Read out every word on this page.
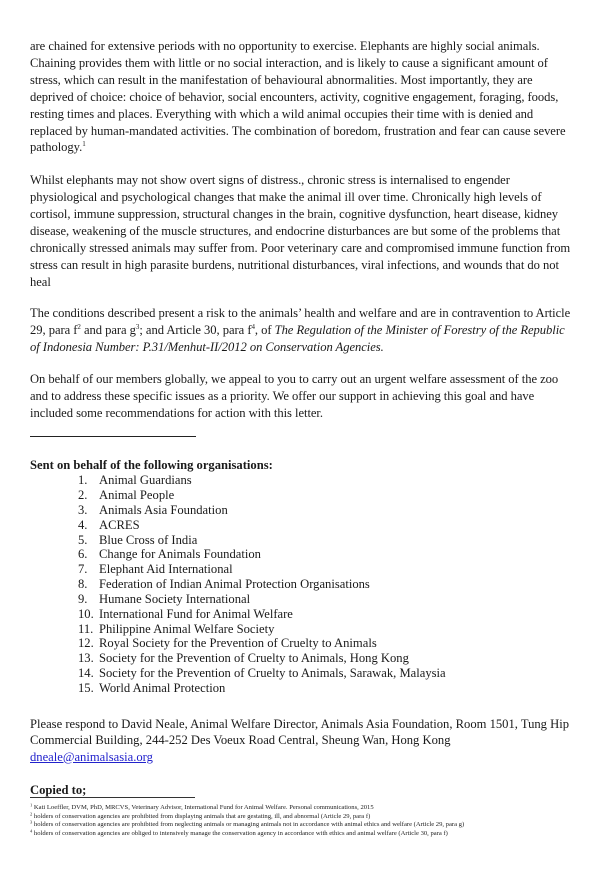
are chained for extensive periods with no opportunity to exercise. Elephants are highly social animals. Chaining provides them with little or no social interaction, and is likely to cause a significant amount of stress, which can result in the manifestation of behavioural abnormalities. Most importantly, they are deprived of choice: choice of behavior, social encounters, activity, cognitive engagement, foraging, foods, resting times and places. Everything with which a wild animal occupies their time with is denied and replaced by human-mandated activities. The combination of boredom, frustration and fear can cause severe pathology.$^1$

Whilst elephants may not show overt signs of distress., chronic stress is internalised to engender physiological and psychological changes that make the animal ill over time. Chronically high levels of cortisol, immune suppression, structural changes in the brain, cognitive dysfunction, heart disease, kidney disease, weakening of the muscle structures, and endocrine disturbances are but some of the problems that chronically stressed animals may suffer from. Poor veterinary care and compromised immune function from stress can result in high parasite burdens, nutritional disturbances, viral infections, and wounds that do not heal

The conditions described present a risk to the animals’ health and welfare and are in contravention to Article 29, para $f^2$ and para $g^3$; and Article 30, para $f^4$, of The Regulation of the Minister of Forestry of the Republic of Indonesia Number: P.31/Menhut-II/2012 on Conservation Agencies.

On behalf of our members globally, we appeal to you to carry out an urgent welfare assessment of the zoo and to address these specific issues as a priority. We offer our support in achieving this goal and have included some recommendations for action with this letter.

Sent on behalf of the following organisations:

1. Animal Guardians
2. Animal People
3. Animals Asia Foundation
4. ACRES
5. Blue Cross of India
6. Change for Animals Foundation
7. Elephant Aid International
8. Federation of Indian Animal Protection Organisations
9. Humane Society International
10. International Fund for Animal Welfare
11. Philippine Animal Welfare Society
12. Royal Society for the Prevention of Cruelty to Animals
13. Society for the Prevention of Cruelty to Animals, Hong Kong
14. Society for the Prevention of Cruelty to Animals, Sarawak, Malaysia
15. World Animal Protection
Please respond to David Neale, Animal Welfare Director, Animals Asia Foundation, Room 1501, Tung Hip Commercial Building, 244-252 Des Voeux Road Central, Sheung Wan, Hong Kong
dneale@animalsasia.org
Copied to;
$^1$ Kati Loeffler, DVM, PhD, MRCVS, Veterinary Advisor, International Fund for Animal Welfare. Personal communications, 2015
$^2$ holders of conservation agencies are prohibited from displaying animals that are gestating, ill, and abnormal (Article 29, para f)
$^3$ holders of conservation agencies are prohibited from neglecting animals or managing animals not in accordance with animal ethics and welfare (Article 29, para g)
$^4$ holders of conservation agencies are obliged to intensively manage the conservation agency in accordance with ethics and animal welfare (Article 30, para f)
